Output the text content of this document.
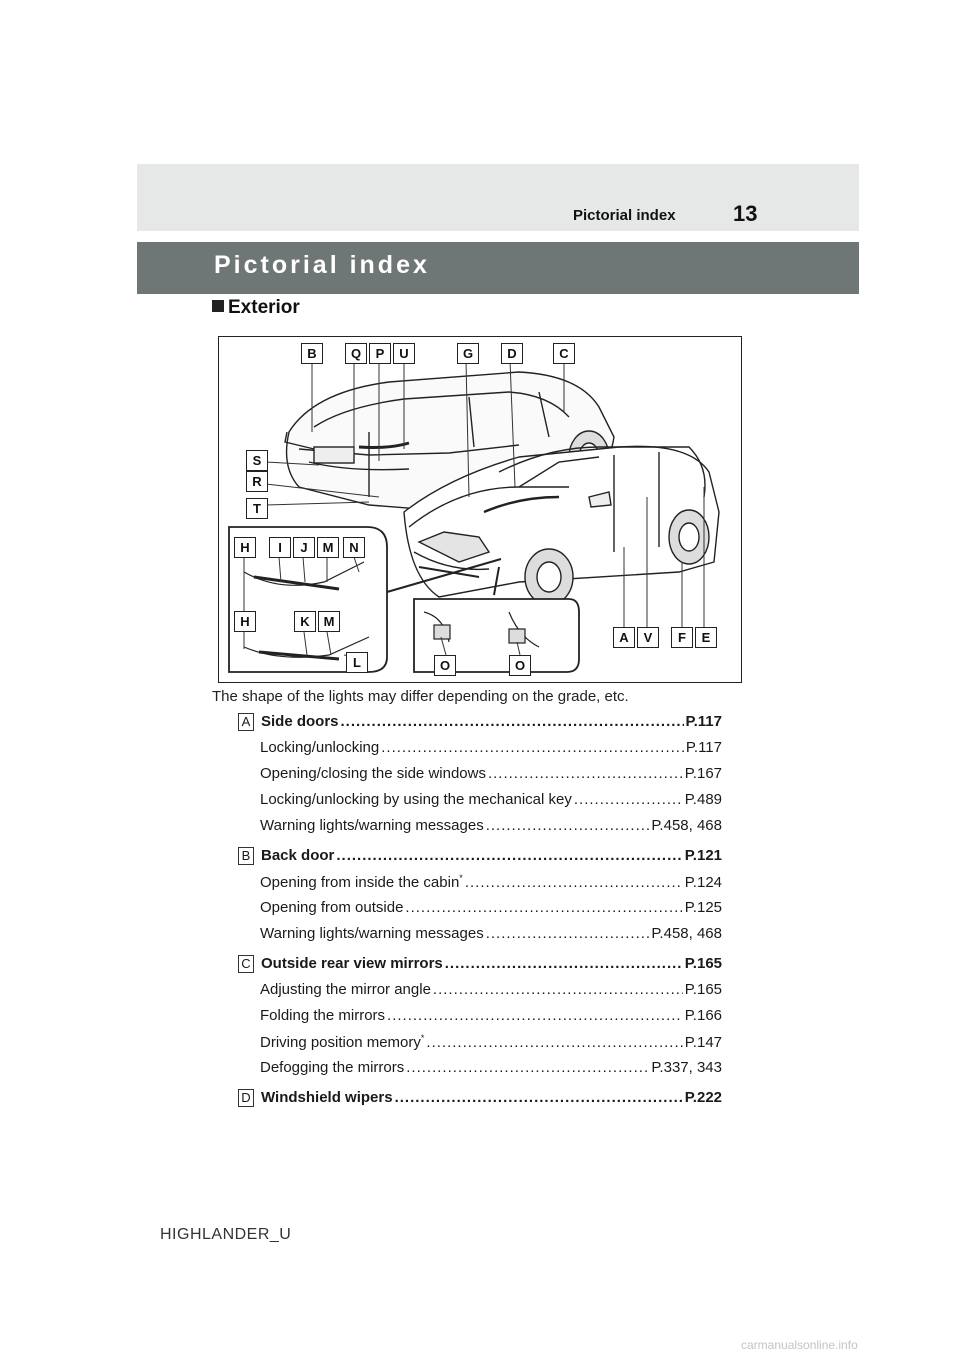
Pictorial index	13
Pictorial index
Exterior
B	Q	P	U	G	D	C
S
R
T
H	I	J	M	N
H	K	M
L	O	O
A	V	F	E
The shape of the lights may differ depending on the grade, etc.
A Side doors .....	P.117
Locking/unlocking .....	P.117
Opening/closing the side windows .....	P.167
Locking/unlocking by using the mechanical key .....	P.489
Warning lights/warning messages .....	P.458, 468
B Back door .....	P.121
Opening from inside the cabin* .....	P.124
Opening from outside .....	P.125
Warning lights/warning messages .....	P.458, 468
C Outside rear view mirrors .....	P.165
Adjusting the mirror angle .....	P.165
Folding the mirrors .....	P.166
Driving position memory* .....	P.147
Defogging the mirrors .....	P.337, 343
D Windshield wipers .....	P.222
HIGHLANDER_U
carmanualsonline.info
